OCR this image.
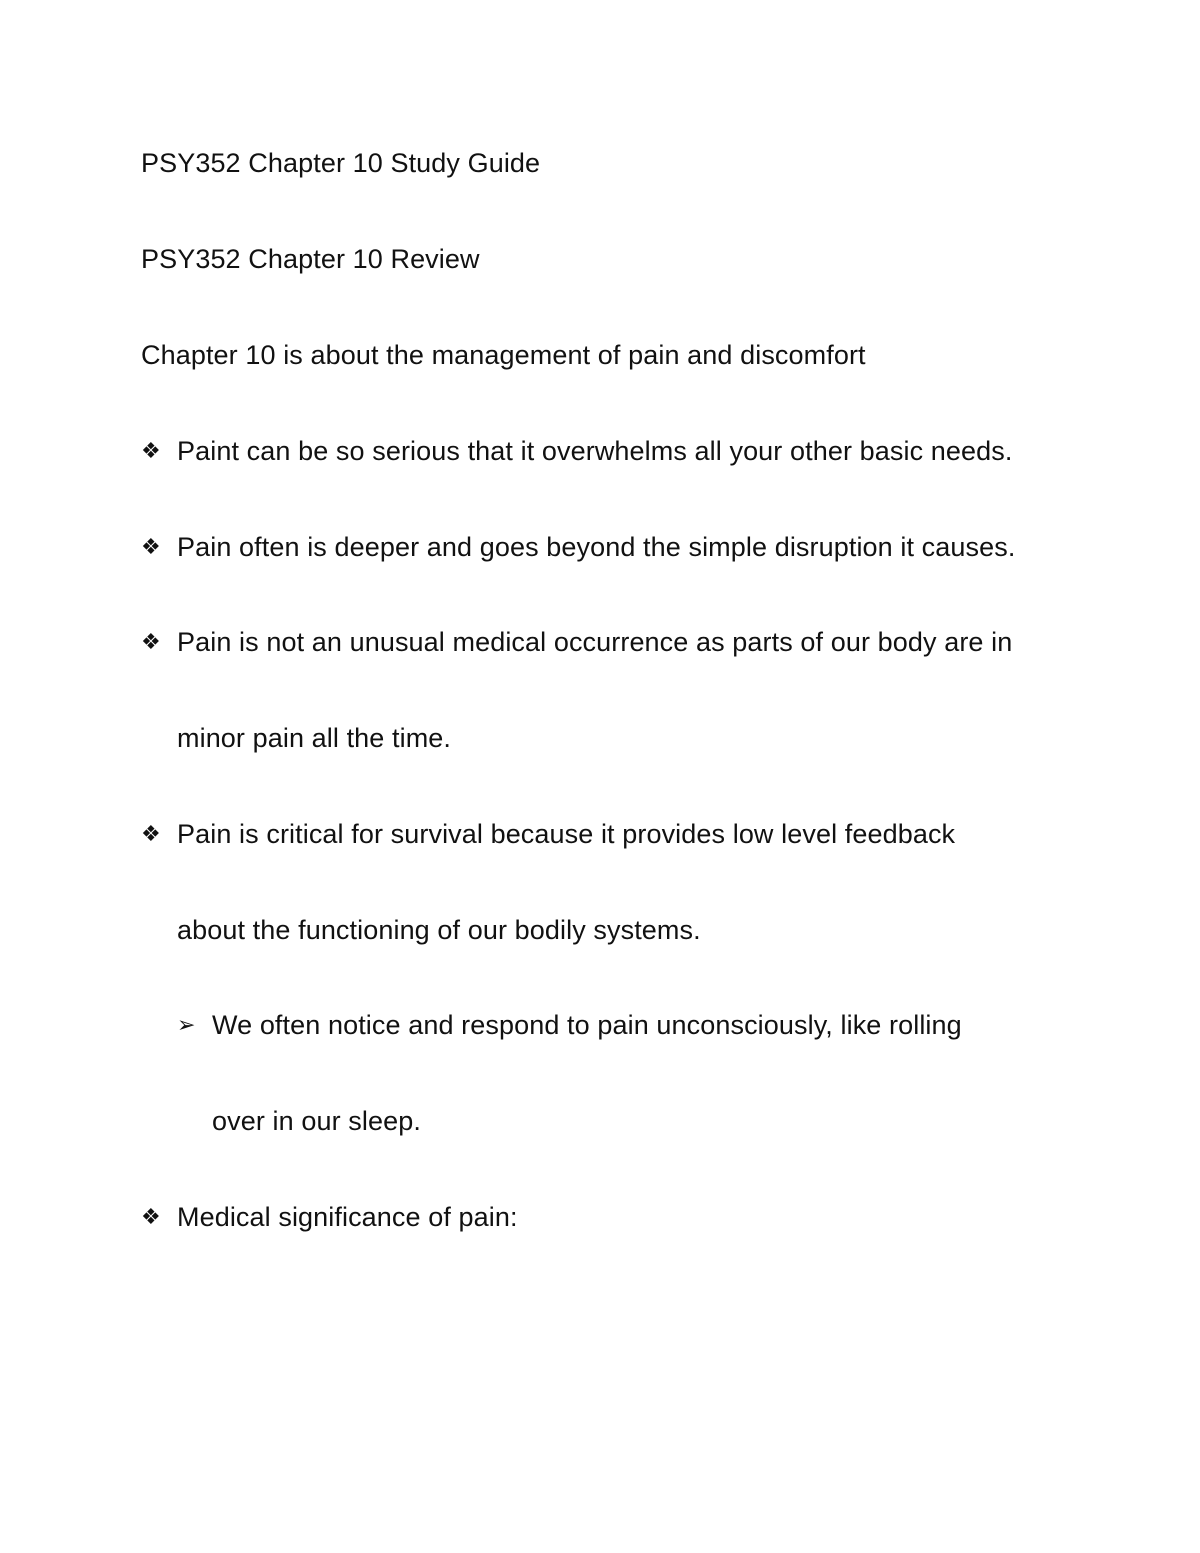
PSY352 Chapter 10 Study Guide
PSY352 Chapter 10 Review
Chapter 10 is about the management of pain and discomfort
❖ Paint can be so serious that it overwhelms all your other basic needs.
❖ Pain often is deeper and goes beyond the simple disruption it causes.
❖ Pain is not an unusual medical occurrence as parts of our body are in
minor pain all the time.
❖ Pain is critical for survival because it provides low level feedback
about the functioning of our bodily systems.
➢ We often notice and respond to pain unconsciously, like rolling
over in our sleep.
❖ Medical significance of pain:
